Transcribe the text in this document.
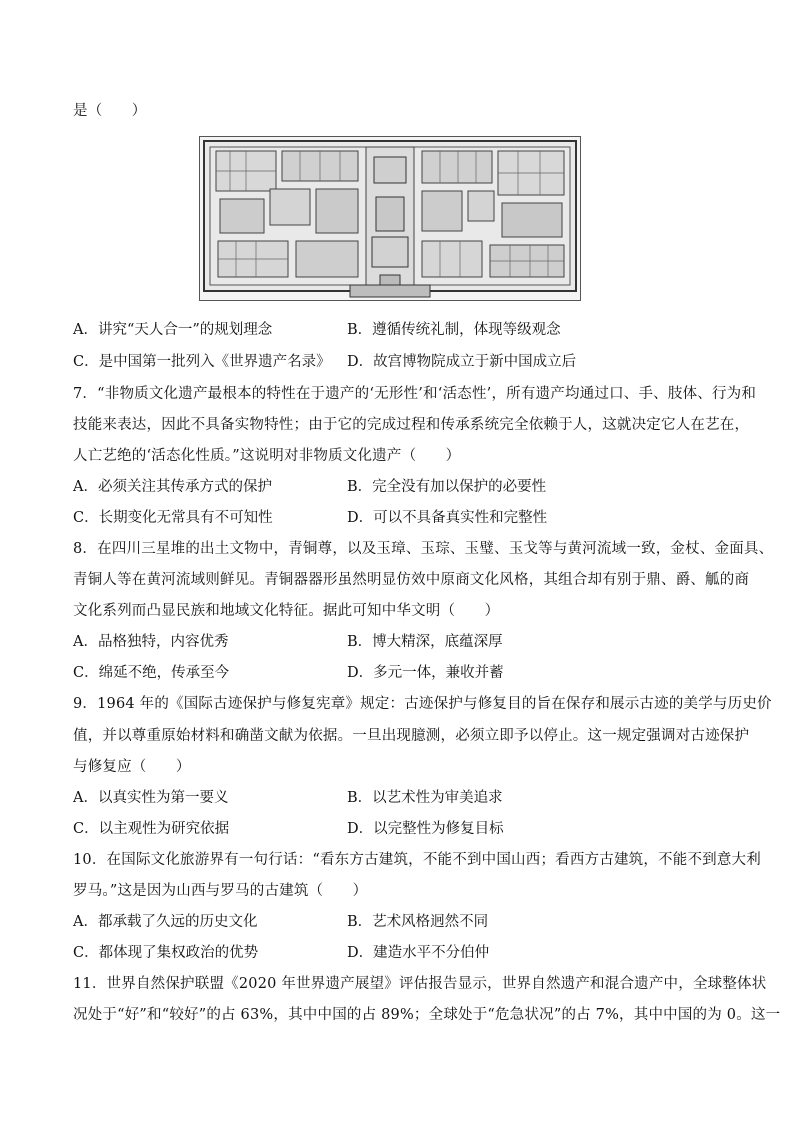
是（　　）
A．讲究“天人合一”的规划理念	B．遵循传统礼制，体现等级观念
C．是中国第一批列入《世界遗产名录》 D．故宫博物院成立于新中国成立后
7．“非物质文化遗产最根本的特性在于遗产的‘无形性’和‘活态性’，所有遗产均通过口、手、肢体、行为和
技能来表达，因此不具备实物特性；由于它的完成过程和传承系统完全依赖于人，这就决定它人在艺在，
人亡艺绝的‘活态化性质。”这说明对非物质文化遗产（　　）
A．必须关注其传承方式的保护	B．完全没有加以保护的必要性
C．长期变化无常具有不可知性	D．可以不具备真实性和完整性
8．在四川三星堆的出土文物中，青铜尊，以及玉璋、玉琮、玉璧、玉戈等与黄河流域一致，金杖、金面具、
青铜人等在黄河流域则鲜见。青铜器器形虽然明显仿效中原商文化风格，其组合却有别于鼎、爵、觚的商
文化系列而凸显民族和地域文化特征。据此可知中华文明（　　）
A．品格独特，内容优秀	B．博大精深，底蕴深厚
C．绵延不绝，传承至今	D．多元一体，兼收并蓄
9．1964 年的《国际古迹保护与修复宪章》规定：古迹保护与修复目的旨在保存和展示古迹的美学与历史价
值，并以尊重原始材料和确凿文献为依据。一旦出现臆测，必须立即予以停止。这一规定强调对古迹保护
与修复应（　　）
A．以真实性为第一要义	B．以艺术性为审美追求
C．以主观性为研究依据	D．以完整性为修复目标
10．在国际文化旅游界有一句行话：“看东方古建筑，不能不到中国山西；看西方古建筑，不能不到意大利
罗马。”这是因为山西与罗马的古建筑（　　）
A．都承载了久远的历史文化	B．艺术风格迥然不同
C．都体现了集权政治的优势	D．建造水平不分伯仲
11．世界自然保护联盟《2020 年世界遗产展望》评估报告显示，世界自然遗产和混合遗产中，全球整体状
况处于“好”和“较好”的占 63%，其中中国的占 89%；全球处于“危急状况”的占 7%，其中中国的为 0。这一
